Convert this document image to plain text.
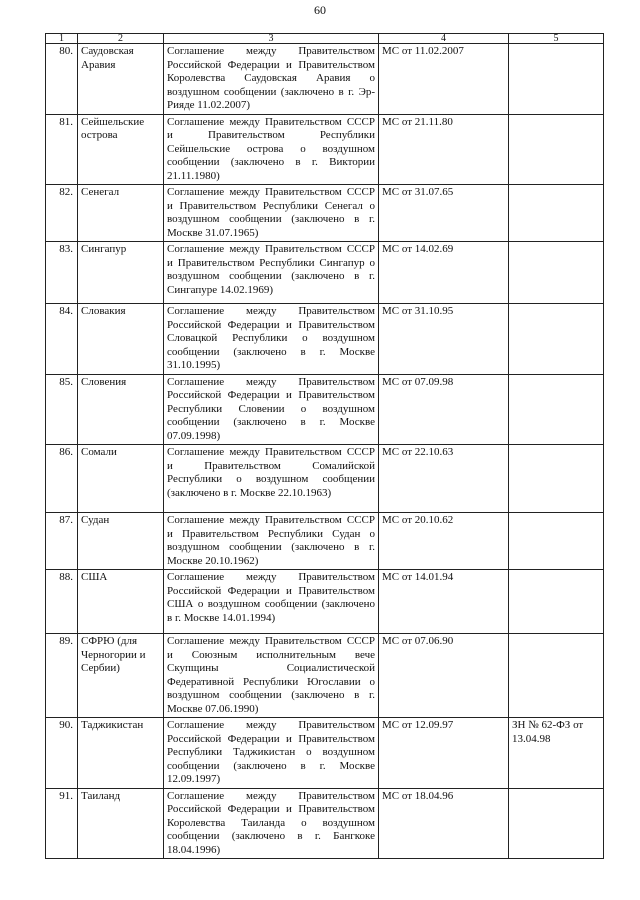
60
1	2	3	4	5
80.	Саудовская Аравия	Соглашение между Правительством Российской Федерации и Правительством Королевства Саудовская Аравия о воздушном сообщении (заключено в г. Эр-Рияде 11.02.2007)	МС от 11.02.2007	
81.	Сейшельские острова	Соглашение между Правительством СССР и Правительством Республики Сейшельские острова о воздушном сообщении (заключено в г. Виктории 21.11.1980)	МС от 21.11.80	
82.	Сенегал	Соглашение между Правительством СССР и Правительством Республики Сенегал о воздушном сообщении (заключено в г. Москве 31.07.1965)	МС от 31.07.65	
83.	Сингапур	Соглашение между Правительством СССР и Правительством Республики Сингапур о воздушном сообщении (заключено в г. Сингапуре 14.02.1969)	МС от 14.02.69	
84.	Словакия	Соглашение между Правительством Российской Федерации и Правительством Словацкой Республики о воздушном сообщении (заключено в г. Москве 31.10.1995)	МС от 31.10.95	
85.	Словения	Соглашение между Правительством Российской Федерации и Правительством Республики Словении о воздушном сообщении (заключено в г. Москве 07.09.1998)	МС от 07.09.98	
86.	Сомали	Соглашение между Правительством СССР и Правительством Сомалийской Республики о воздушном сообщении (заключено в г. Москве 22.10.1963)	МС от 22.10.63	
87.	Судан	Соглашение между Правительством СССР и Правительством Республики Судан о воздушном сообщении (заключено в г. Москве 20.10.1962)	МС от 20.10.62	
88.	США	Соглашение между Правительством Российской Федерации и Правительством США о воздушном сообщении (заключено в г. Москве 14.01.1994)	МС от 14.01.94	
89.	СФРЮ (для Черногории и Сербии)	Соглашение между Правительством СССР и Союзным исполнительным вече Скупщины Социалистической Федеративной Республики Югославии о воздушном сообщении (заключено в г. Москве 07.06.1990)	МС от 07.06.90	
90.	Таджикистан	Соглашение между Правительством Российской Федерации и Правительством Республики Таджикистан о воздушном сообщении (заключено в г. Москве 12.09.1997)	МС от 12.09.97	ЗН № 62-ФЗ от 13.04.98
91.	Таиланд	Соглашение между Правительством Российской Федерации и Правительством Королевства Таиланда о воздушном сообщении (заключено в г. Бангкоке 18.04.1996)	МС от 18.04.96	
